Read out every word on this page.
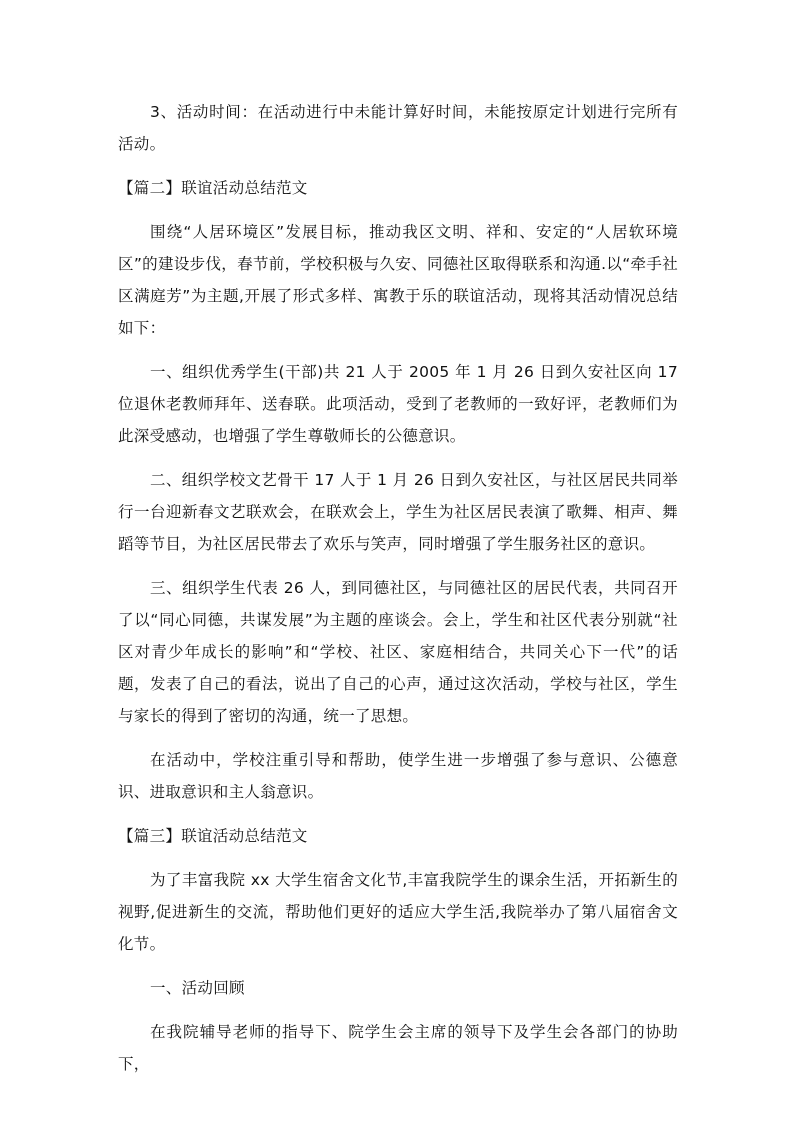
3、活动时间：在活动进行中未能计算好时间，未能按原定计划进行完所有活动。

【篇二】联谊活动总结范文

围绕“人居环境区”发展目标，推动我区文明、祥和、安定的“人居软环境区”的建设步伐，春节前，学校积极与久安、同德社区取得联系和沟通.以“牵手社区满庭芳”为主题,开展了形式多样、寓教于乐的联谊活动，现将其活动情况总结如下：

一、组织优秀学生(干部)共 21 人于 2005 年 1 月 26 日到久安社区向 17 位退休老教师拜年、送春联。此项活动，受到了老教师的一致好评，老教师们为此深受感动，也增强了学生尊敬师长的公德意识。

二、组织学校文艺骨干 17 人于 1 月 26 日到久安社区，与社区居民共同举行一台迎新春文艺联欢会，在联欢会上，学生为社区居民表演了歌舞、相声、舞蹈等节目，为社区居民带去了欢乐与笑声，同时增强了学生服务社区的意识。

三、组织学生代表 26 人，到同德社区，与同德社区的居民代表，共同召开了以“同心同德，共谋发展”为主题的座谈会。会上，学生和社区代表分别就“社区对青少年成长的影响”和“学校、社区、家庭相结合，共同关心下一代”的话题，发表了自己的看法，说出了自己的心声，通过这次活动，学校与社区，学生与家长的得到了密切的沟通，统一了思想。

在活动中，学校注重引导和帮助，使学生进一步增强了参与意识、公德意识、进取意识和主人翁意识。

【篇三】联谊活动总结范文

为了丰富我院 xx 大学生宿舍文化节,丰富我院学生的课余生活，开拓新生的视野,促进新生的交流，帮助他们更好的适应大学生活,我院举办了第八届宿舍文化节。

一、活动回顾

在我院辅导老师的指导下、院学生会主席的领导下及学生会各部门的协助下，
